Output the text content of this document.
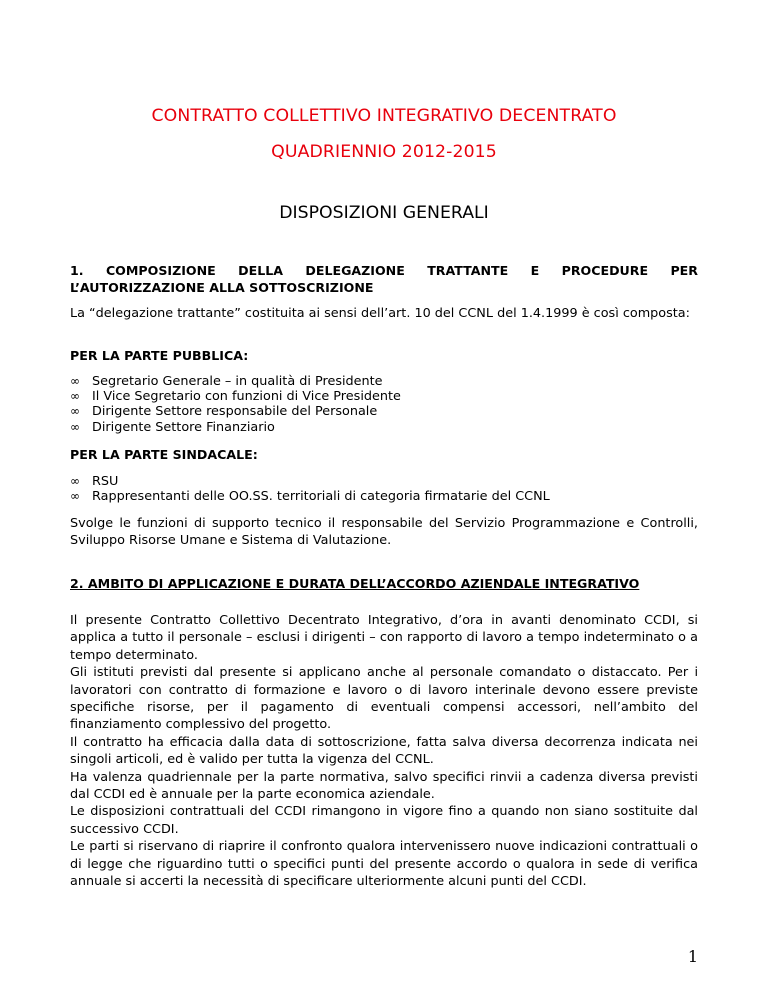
CONTRATTO COLLETTIVO INTEGRATIVO DECENTRATO
QUADRIENNIO 2012-2015
DISPOSIZIONI GENERALI
1. COMPOSIZIONE DELLA DELEGAZIONE TRATTANTE E PROCEDURE PER
L’AUTORIZZAZIONE ALLA SOTTOSCRIZIONE
La “delegazione trattante” costituita ai sensi dell’art. 10 del CCNL del 1.4.1999 è così composta:
PER LA PARTE PUBBLICA:
∞ Segretario Generale – in qualità di Presidente
∞ Il Vice Segretario con funzioni di Vice Presidente
∞ Dirigente Settore responsabile del Personale
∞ Dirigente Settore Finanziario
PER LA PARTE SINDACALE:
∞ RSU
∞ Rappresentanti delle OO.SS. territoriali di categoria firmatarie del CCNL
Svolge le funzioni di supporto tecnico il responsabile del Servizio Programmazione e Controlli, Sviluppo Risorse Umane e Sistema di Valutazione.
2. AMBITO DI APPLICAZIONE E DURATA DELL’ACCORDO AZIENDALE INTEGRATIVO
Il presente Contratto Collettivo Decentrato Integrativo, d’ora in avanti denominato CCDI, si applica a tutto il personale – esclusi i dirigenti – con rapporto di lavoro a tempo indeterminato o a tempo determinato.
Gli istituti previsti dal presente si applicano anche al personale comandato o distaccato. Per i lavoratori con contratto di formazione e lavoro o di lavoro interinale devono essere previste specifiche risorse, per il pagamento di eventuali compensi accessori, nell’ambito del finanziamento complessivo del progetto.
Il contratto ha efficacia dalla data di sottoscrizione, fatta salva diversa decorrenza indicata nei singoli articoli, ed è valido per tutta la vigenza del CCNL.
Ha valenza quadriennale per la parte normativa, salvo specifici rinvii a cadenza diversa previsti dal CCDI ed è annuale per la parte economica aziendale.
Le disposizioni contrattuali del CCDI rimangono in vigore fino a quando non siano sostituite dal successivo CCDI.
Le parti si riservano di riaprire il confronto qualora intervenissero nuove indicazioni contrattuali o di legge che riguardino tutti o specifici punti del presente accordo o qualora in sede di verifica annuale si accerti la necessità di specificare ulteriormente alcuni punti del CCDI.
1
